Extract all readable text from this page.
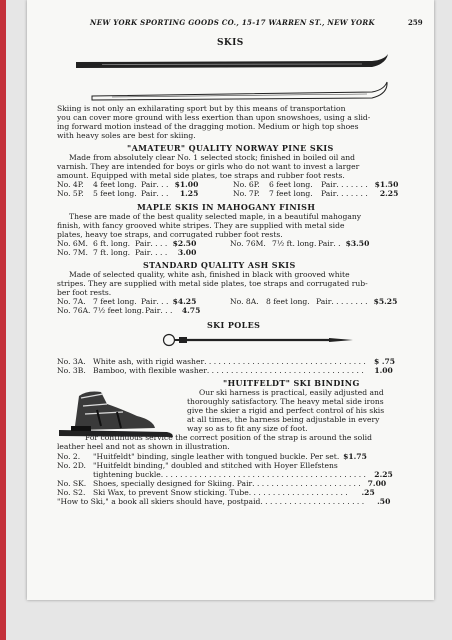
NEW YORK SPORTING GOODS CO., 15-17 WARREN ST., NEW YORK	259
SKIS
Skiing is not only an exhilarating sport but by this means of transportation
you can cover more ground with less exertion than upon snowshoes, using a slid-
ing forward motion instead of the dragging motion. Medium or high top shoes
with heavy soles are best for skiing.
"AMATEUR" QUALITY NORWAY PINE SKIS
Made from absolutely clear No. 1 selected stock; finished in boiled oil and
varnish. They are intended for boys or girls who do not want to invest a larger
amount. Equipped with metal side plates, toe straps and rubber foot rests.
No. 4P. 4 feet long. Pair . . . $1.00	No. 6P. 6 feet long. Pair . . .	$1.50
No. 5P. 5 feet long. Pair . . .	1.25	No. 7P. 7 feet long. Pair . . .	2.25
MAPLE SKIS IN MAHOGANY FINISH
These are made of the best quality selected maple, in a beautiful mahogany
finish, with fancy grooved white stripes. They are supplied with metal side
plates, heavy toe straps, and corrugated rubber foot rests.
No. 6M. 6 ft. long. Pair . . .	$2.50	No. 76M. 7½ ft. long. Pair . . . $3.50
No. 7M. 7 ft. long. Pair . . .	3.00
STANDARD QUALITY ASH SKIS
Made of selected quality, white ash, finished in black with grooved white
stripes. They are supplied with metal side plates, toe straps and corrugated rub-
ber foot rests.
No. 7A. 7 feet long. Pair . . . $4.25	No. 8A. 8 feet long. Pair . . .	$5.25
No. 76A. 7½ feet long.Pair . . .	4.75
SKI POLES
No. 3A. White ash, with rigid washer . . .	$ .75
No. 3B. Bamboo, with flexible washer . . .	1.00
"HUITFELDT" SKI BINDING
Our ski harness is practical, easily adjusted and
thoroughly satisfactory. The heavy metal side irons
give the skier a rigid and perfect control of his skis
at all times, the harness being adjustable in every
way so as to fit any size of foot.
For continuous service the correct position of the strap is around the solid
leather heel and not as shown in illustration.
No. 2. "Huitfeldt" binding, single leather with tongued buckle. Per set . . . $1.75
No. 2D. "Huitfeldt binding," doubled and stitched with Hoyer Ellefstens
tightening buckle . . .	2.25
No. SK. Shoes, specially designed for Skiing. Pair . . .	7.00
No. S2. Ski Wax, to prevent Snow sticking. Tube . . .	.25
"How to Ski," a book all skiers should have, postpaid . . .	.50
